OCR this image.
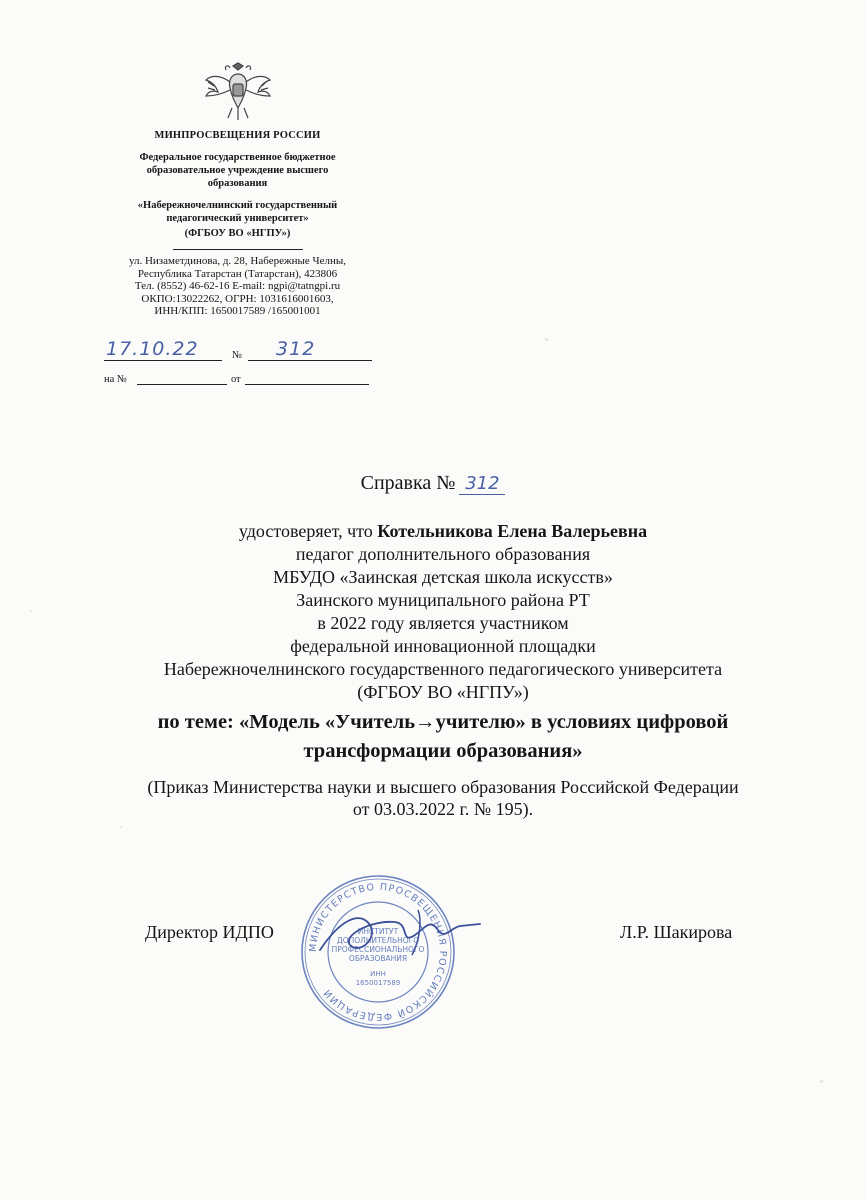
МИНПРОСВЕЩЕНИЯ РОССИИ
Федеральное государственное бюджетное
образовательное учреждение высшего
образования
«Набережночелнинский государственный
педагогический университет»
(ФГБОУ ВО «НГПУ»)
ул. Низаметдинова, д. 28, Набережные Челны,
Республика Татарстан (Татарстан), 423806
Тел. (8552) 46-62-16 E-mail: ngpi@tatngpi.ru
ОКПО:13022262, ОГРН: 1031616001603,
ИНН/КПП: 1650017589 /165001001
17.10.22	№ 312
на №	от
Справка № 312
удостоверяет, что Котельникова Елена Валерьевна
педагог дополнительного образования
МБУДО «Заинская детская школа искусств»
Заинского муниципального района РТ
в 2022 году является участником
федеральной инновационной площадки
Набережночелнинского государственного педагогического университета
(ФГБОУ ВО «НГПУ»)
по теме: «Модель «Учитель→учителю» в условиях цифровой
трансформации образования»
(Приказ Министерства науки и высшего образования Российской Федерации
от 03.03.2022 г. № 195).
Директор ИДПО	Л.Р. Шакирова
МИНИСТЕРСТВО ПРОСВЕЩЕНИЯ РОССИЙСКОЙ ФЕДЕРАЦИИ
ИНСТИТУТ
ДОПОЛНИТЕЛЬНОГО
ПРОФЕССИОНАЛЬНОГО
ОБРАЗОВАНИЯ
ИНН
1650017589
